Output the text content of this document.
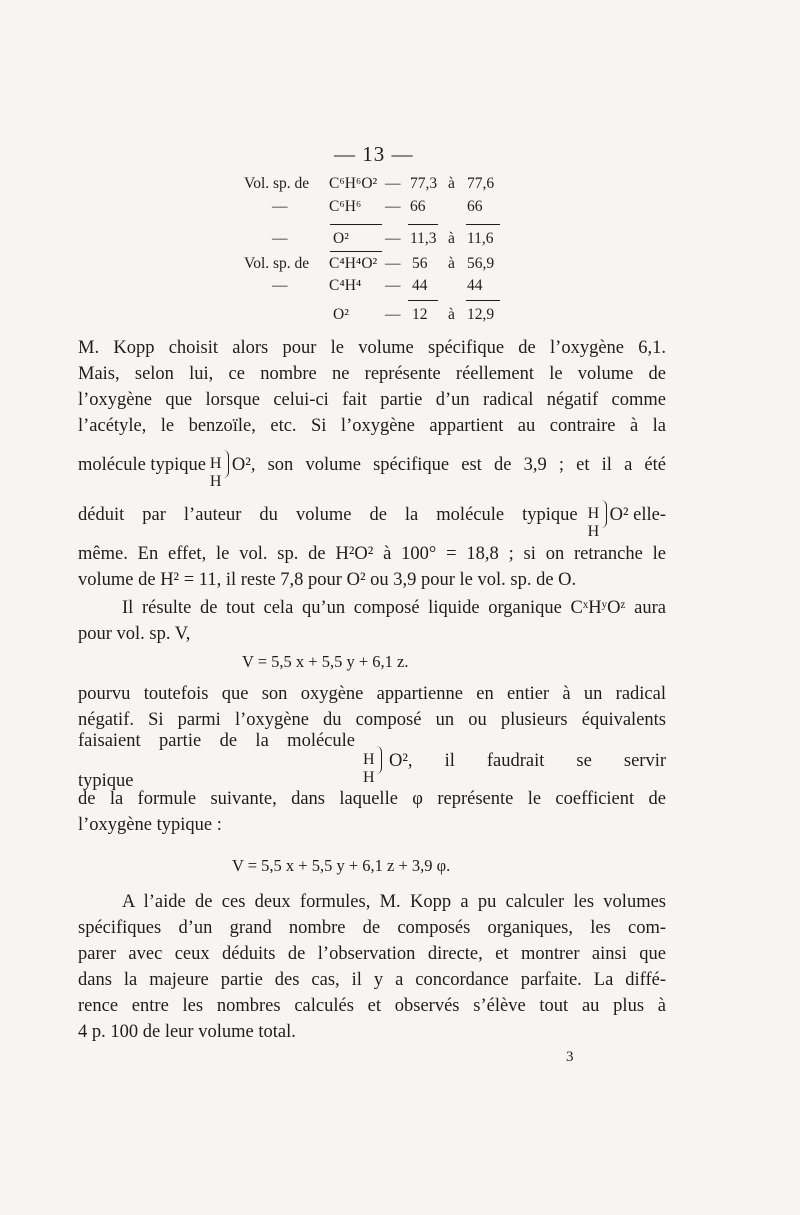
— 13 —
Vol. sp. de C⁶H⁶O² — 77,3 à 77,6
—	C⁶H⁶ — 66	66
—	O² — 11,3 à 11,6
Vol. sp. de C⁴H⁴O² — 56 à 56,9
—	C⁴H⁴ — 44	44
O² — 12 à 12,9
M. Kopp choisit alors pour le volume spécifique de l’oxygène 6,1.
Mais, selon lui, ce nombre ne représente réellement le volume de
l’oxygène que lorsque celui-ci fait partie d’un radical négatif comme
l’acétyle, le benzoïle, etc. Si l’oxygène appartient au contraire à la
molécule typique H
H
O², son volume spécifique est de 3,9 ; et il a été
déduit par l’auteur du volume de la molécule typique H
H
O² elle-
même. En effet, le vol. sp. de H²O² à 100° = 18,8 ; si on retranche le
volume de H² = 11, il reste 7,8 pour O² ou 3,9 pour le vol. sp. de O.
Il résulte de tout cela qu’un composé liquide organique CˣHʸOᶻ aura
pour vol. sp. V,
V = 5,5 x + 5,5 y + 6,1 z.
pourvu toutefois que son oxygène appartienne en entier à un radical
négatif. Si parmi l’oxygène du composé un ou plusieurs équivalents
faisaient partie de la molécule typique
H
H
O², il faudrait se servir
de la formule suivante, dans laquelle φ représente le coefficient de
l’oxygène typique :
V = 5,5 x + 5,5 y + 6,1 z + 3,9 φ.
A l’aide de ces deux formules, M. Kopp a pu calculer les volumes
spécifiques d’un grand nombre de composés organiques, les com-
parer avec ceux déduits de l’observation directe, et montrer ainsi que
dans la majeure partie des cas, il y a concordance parfaite. La diffé-
rence entre les nombres calculés et observés s’élève tout au plus à
4 p. 100 de leur volume total.
3
